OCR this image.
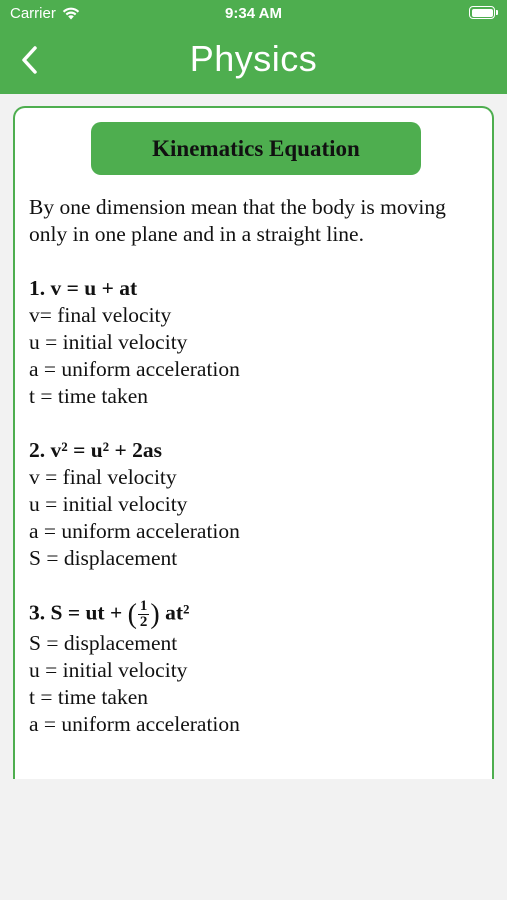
Carrier	9:34 AM
Physics
Kinematics Equation

By one dimension mean that the body is moving only in one plane and in a straight line.

1. v = u + at

v= final velocity

u = initial velocity

a = uniform acceleration

t = time taken

2. v² = u² + 2as

v = final velocity

u = initial velocity

a = uniform acceleration

S = displacement

3. S = ut + ( $\frac{1}{2}$ ) at²

S = displacement

u = initial velocity

t = time taken

a = uniform acceleration
